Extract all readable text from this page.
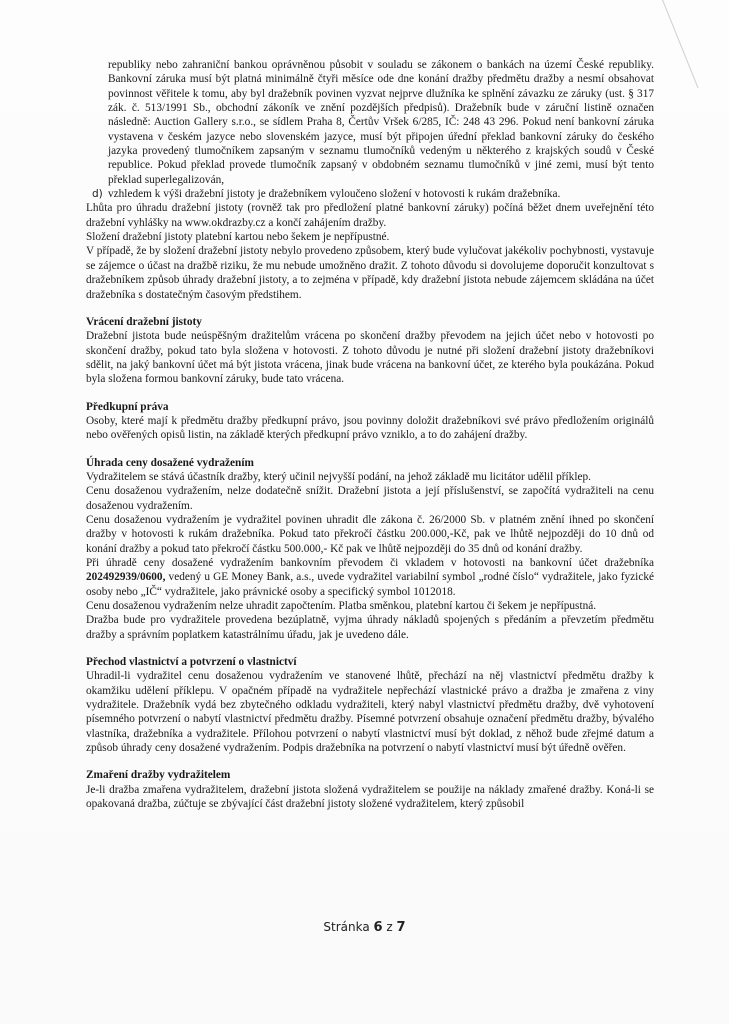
republiky nebo zahraniční bankou oprávněnou působit v souladu se zákonem o bankách na území České republiky. Bankovní záruka musí být platná minimálně čtyři měsíce ode dne konání dražby předmětu dražby a nesmí obsahovat povinnost věřitele k tomu, aby byl dražebník povinen vyzvat nejprve dlužníka ke splnění závazku ze záruky (ust. § 317 zák. č. 513/1991 Sb., obchodní zákoník ve znění pozdějších předpisů). Dražebník bude v záruční listině označen následně: Auction Gallery s.r.o., se sídlem Praha 8, Čertův Vršek 6/285, IČ: 248 43 296. Pokud není bankovní záruka vystavena v českém jazyce nebo slovenském jazyce, musí být připojen úřední překlad bankovní záruky do českého jazyka provedený tlumočníkem zapsaným v seznamu tlumočníků vedeným u některého z krajských soudů v České republice. Pokud překlad provede tlumočník zapsaný v obdobném seznamu tlumočníků v jiné zemi, musí být tento překlad superlegalizován,

d) vzhledem k výši dražební jistoty je dražebníkem vyloučeno složení v hotovosti k rukám dražebníka.

Lhůta pro úhradu dražební jistoty (rovněž tak pro předložení platné bankovní záruky) počíná běžet dnem uveřejnění této dražební vyhlášky na www.okdrazby.cz a končí zahájením dražby.

Složení dražební jistoty platební kartou nebo šekem je nepřípustné.

V případě, že by složení dražební jistoty nebylo provedeno způsobem, který bude vylučovat jakékoliv pochybnosti, vystavuje se zájemce o účast na dražbě riziku, že mu nebude umožněno dražit. Z tohoto důvodu si dovolujeme doporučit konzultovat s dražebníkem způsob úhrady dražební jistoty, a to zejména v případě, kdy dražební jistota nebude zájemcem skládána na účet dražebníka s dostatečným časovým předstihem.

Vrácení dražební jistoty

Dražební jistota bude neúspěšným dražitelům vrácena po skončení dražby převodem na jejich účet nebo v hotovosti po skončení dražby, pokud tato byla složena v hotovosti. Z tohoto důvodu je nutné při složení dražební jistoty dražebníkovi sdělit, na jaký bankovní účet má být jistota vrácena, jinak bude vrácena na bankovní účet, ze kterého byla poukázána. Pokud byla složena formou bankovní záruky, bude tato vrácena.

Předkupní práva

Osoby, které mají k předmětu dražby předkupní právo, jsou povinny doložit dražebníkovi své právo předložením originálů nebo ověřených opisů listin, na základě kterých předkupní právo vzniklo, a to do zahájení dražby.

Úhrada ceny dosažené vydražením

Vydražitelem se stává účastník dražby, který učinil nejvyšší podání, na jehož základě mu licitátor udělil příklep.

Cenu dosaženou vydražením, nelze dodatečně snížit. Dražební jistota a její příslušenství, se započítá vydražiteli na cenu dosaženou vydražením.

Cenu dosaženou vydražením je vydražitel povinen uhradit dle zákona č. 26/2000 Sb. v platném znění ihned po skončení dražby v hotovosti k rukám dražebníka. Pokud tato překročí částku 200.000,-Kč, pak ve lhůtě nejpozději do 10 dnů od konání dražby a pokud tato překročí částku 500.000,- Kč pak ve lhůtě nejpozději do 35 dnů od konání dražby.

Při úhradě ceny dosažené vydražením bankovním převodem či vkladem v hotovosti na bankovní účet dražebníka 202492939/0600, vedený u GE Money Bank, a.s., uvede vydražitel variabilní symbol „rodné číslo“ vydražitele, jako fyzické osoby nebo „IČ“ vydražitele, jako právnické osoby a specifický symbol 1012018.

Cenu dosaženou vydražením nelze uhradit započtením. Platba směnkou, platební kartou či šekem je nepřípustná.

Dražba bude pro vydražitele provedena bezúplatně, vyjma úhrady nákladů spojených s předáním a převzetím předmětu dražby a správním poplatkem katastrálnímu úřadu, jak je uvedeno dále.

Přechod vlastnictví a potvrzení o vlastnictví

Uhradil-li vydražitel cenu dosaženou vydražením ve stanovené lhůtě, přechází na něj vlastnictví předmětu dražby k okamžiku udělení příklepu. V opačném případě na vydražitele nepřechází vlastnické právo a dražba je zmařena z viny vydražitele. Dražebník vydá bez zbytečného odkladu vydražiteli, který nabyl vlastnictví předmětu dražby, dvě vyhotovení písemného potvrzení o nabytí vlastnictví předmětu dražby. Písemné potvrzení obsahuje označení předmětu dražby, bývalého vlastníka, dražebníka a vydražitele. Přílohou potvrzení o nabytí vlastnictví musí být doklad, z něhož bude zřejmé datum a způsob úhrady ceny dosažené vydražením. Podpis dražebníka na potvrzení o nabytí vlastnictví musí být úředně ověřen.

Zmaření dražby vydražitelem

Je-li dražba zmařena vydražitelem, dražební jistota složená vydražitelem se použije na náklady zmařené dražby. Koná-li se opakovaná dražba, zúčtuje se zbývající část dražební jistoty složené vydražitelem, který způsobil

Stránka 6 z 7
